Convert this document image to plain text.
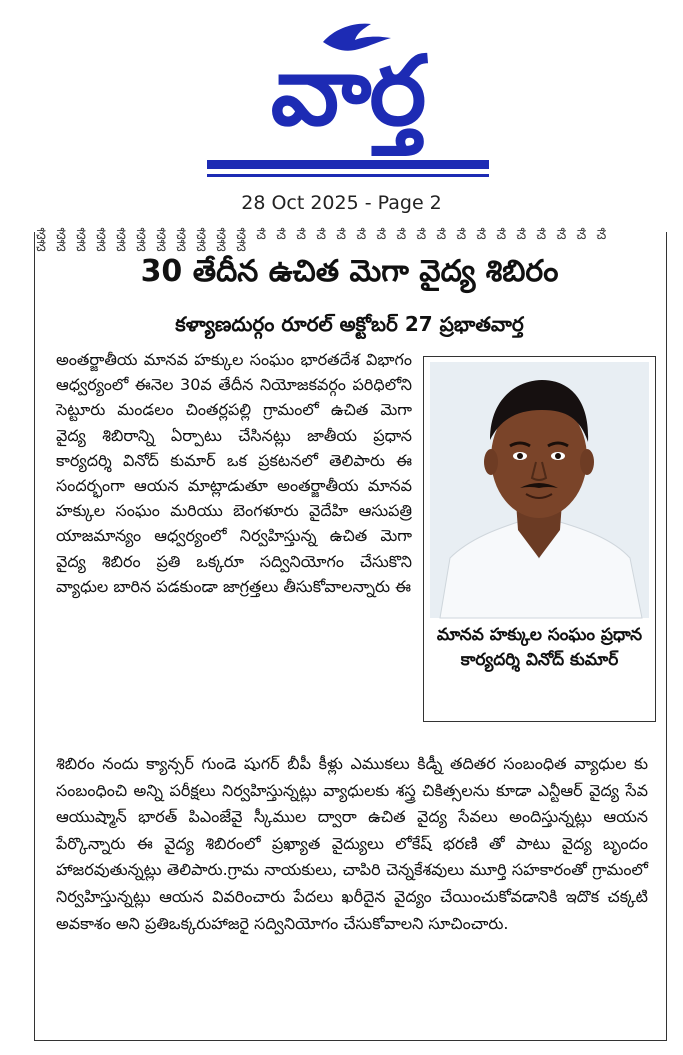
వార్త
28 Oct 2025 - Page 2
ౘ ౘ ౘ ౘ ౘ ౘ ౘ ౘ ౘ ౘ ౘ ౘ ౘ ౘ ౘ ౘ ౘ ౘ ౘ ౘ ౘ ౘ ౘ ౘ ౘ ౘ ౘ ౘ ౘ ౘ ౘ ౘ ౘ ౘ ౘ ౘ ౘ ౘ ౘ ౘ
30 తేదీన ఉచిత మెగా వైద్య శిబిరం
కళ్యాణదుర్గం రూరల్ అక్టోబర్ 27 ప్రభాతవార్త
అంతర్జాతీయ మానవ హక్కుల సంఘం భారతదేశ విభాగం ఆధ్వర్యంలో ఈనెల 30వ తేదీన నియోజకవర్గం పరిధిలోని సెట్టూరు మండలం చింతర్లపల్లి గ్రామంలో ఉచిత మెగా వైద్య శిబిరాన్ని ఏర్పాటు చేసినట్లు జాతీయ ప్రధాన కార్యదర్శి వినోద్ కుమార్ ఒక ప్రకటనలో తెలిపారు ఈ సందర్భంగా ఆయన మాట్లాడుతూ అంతర్జాతీయ మానవ హక్కుల సంఘం మరియు బెంగళూరు వైదేహి ఆసుపత్రి యాజమాన్యం ఆధ్వర్యంలో నిర్వహిస్తున్న ఉచిత మెగా వైద్య శిబిరం ప్రతి ఒక్కరూ సద్వినియోగం చేసుకొని వ్యాధుల బారిన పడకుండా జాగ్రత్తలు తీసుకోవాలన్నారు ఈ
మానవ హక్కుల సంఘం ప్రధాన కార్యదర్శి వినోద్ కుమార్
శిబిరం నందు క్యాన్సర్ గుండె షుగర్ బీపీ కీళ్లు ఎముకలు కిడ్నీ తదితర సంబంధిత వ్యాధుల కు సంబంధించి అన్ని పరీక్షలు నిర్వహిస్తున్నట్లు వ్యాధులకు శస్త్ర చికిత్సలను కూడా ఎన్టీఆర్ వైద్య సేవ ఆయుష్మాన్ భారత్ పిఎంజేవై స్కీముల ద్వారా ఉచిత వైద్య సేవలు అందిస్తున్నట్లు ఆయన పేర్కొన్నారు ఈ వైద్య శిబిరంలో ప్రఖ్యాత వైద్యులు లోకేష్ భరణి తో పాటు వైద్య బృందం హాజరవుతున్నట్లు తెలిపారు.గ్రామ నాయకులు, చాపిరి చెన్నకేశవులు మూర్తి సహకారంతో గ్రామంలో నిర్వహిస్తున్నట్లు ఆయన వివరించారు పేదలు ఖరీదైన వైద్యం చేయించుకోవడానికి ఇదొక చక్కటి అవకాశం అని ప్రతిఒక్కరుహాజరై సద్వినియోగం చేసుకోవాలని సూచించారు.
